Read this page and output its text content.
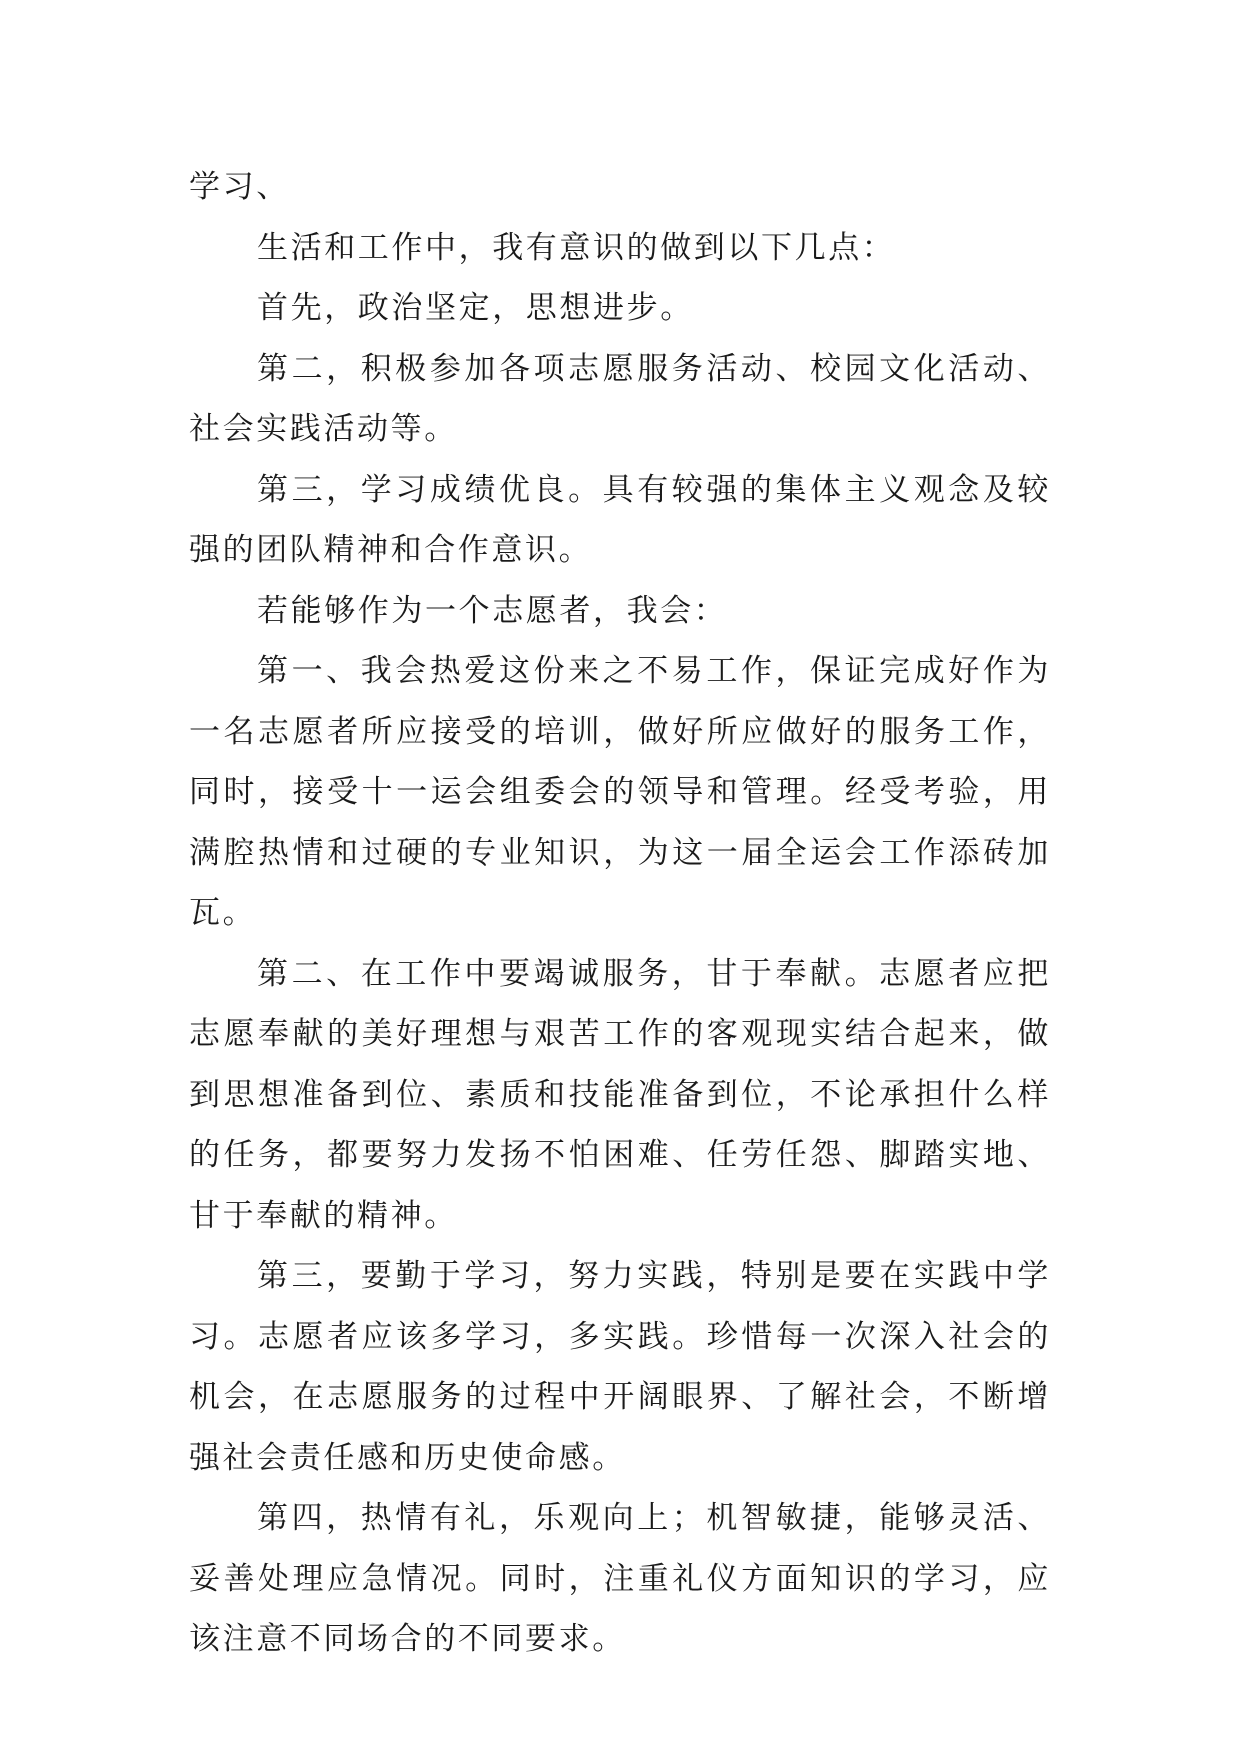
学习、

生活和工作中，我有意识的做到以下几点：

首先，政治坚定，思想进步。

第二，积极参加各项志愿服务活动、校园文化活动、社会实践活动等。

第三，学习成绩优良。具有较强的集体主义观念及较强的团队精神和合作意识。

若能够作为一个志愿者，我会：

第一、我会热爱这份来之不易工作，保证完成好作为一名志愿者所应接受的培训，做好所应做好的服务工作，同时，接受十一运会组委会的领导和管理。经受考验，用满腔热情和过硬的专业知识，为这一届全运会工作添砖加瓦。

第二、在工作中要竭诚服务，甘于奉献。志愿者应把志愿奉献的美好理想与艰苦工作的客观现实结合起来，做到思想准备到位、素质和技能准备到位，不论承担什么样的任务，都要努力发扬不怕困难、任劳任怨、脚踏实地、甘于奉献的精神。

第三，要勤于学习，努力实践，特别是要在实践中学习。志愿者应该多学习，多实践。珍惜每一次深入社会的机会，在志愿服务的过程中开阔眼界、了解社会，不断增强社会责任感和历史使命感。

第四，热情有礼，乐观向上；机智敏捷，能够灵活、妥善处理应急情况。同时，注重礼仪方面知识的学习，应该注意不同场合的不同要求。
